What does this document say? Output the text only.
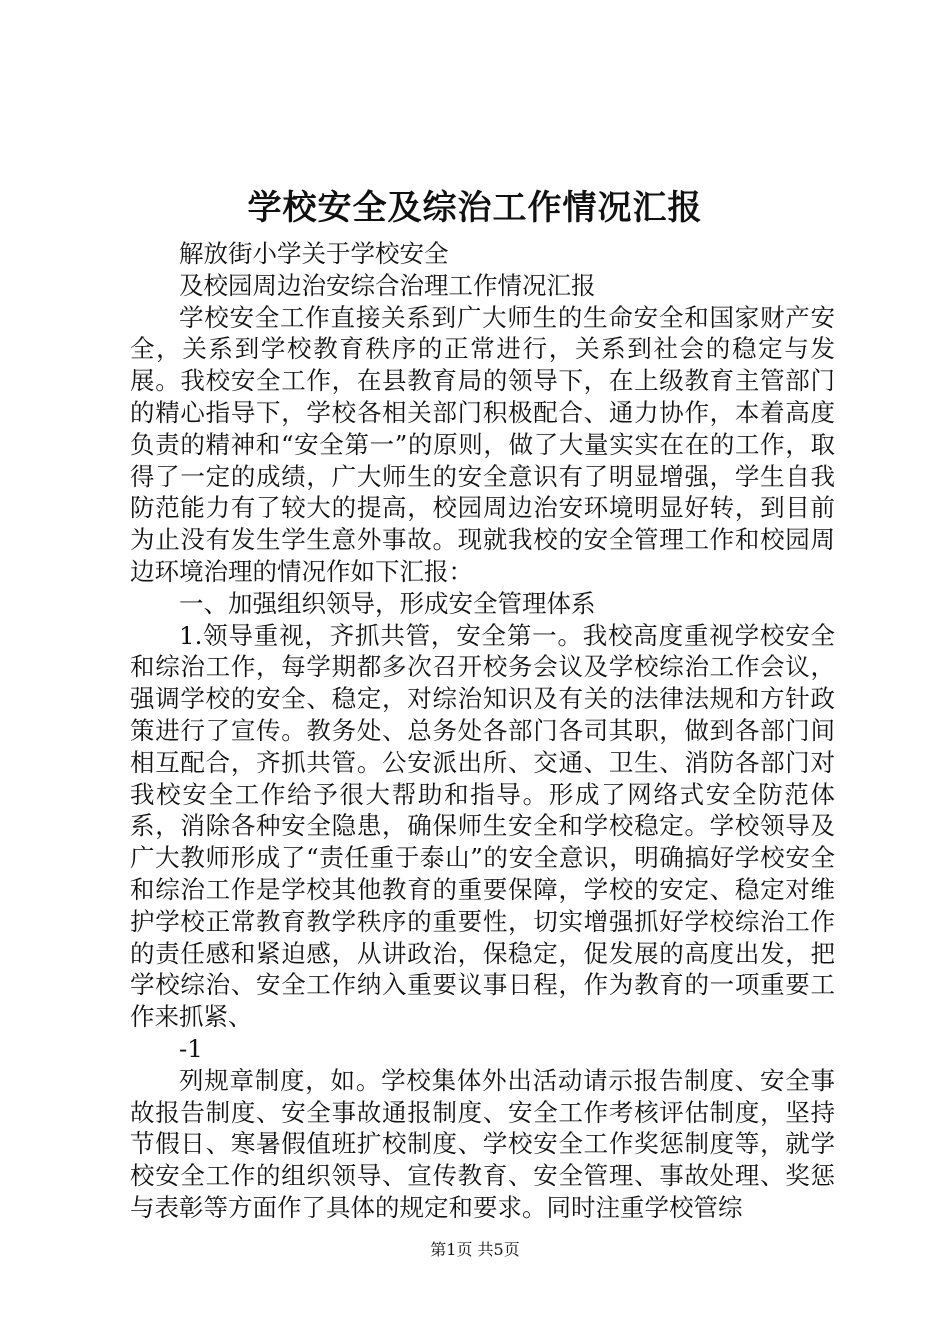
学校安全及综治工作情况汇报

解放街小学关于学校安全

及校园周边治安综合治理工作情况汇报

学校安全工作直接关系到广大师生的生命安全和国家财产安全，关系到学校教育秩序的正常进行，关系到社会的稳定与发展。我校安全工作，在县教育局的领导下，在上级教育主管部门的精心指导下，学校各相关部门积极配合、通力协作，本着高度负责的精神和“安全第一”的原则，做了大量实实在在的工作，取得了一定的成绩，广大师生的安全意识有了明显增强，学生自我防范能力有了较大的提高，校园周边治安环境明显好转，到目前为止没有发生学生意外事故。现就我校的安全管理工作和校园周边环境治理的情况作如下汇报：

一、加强组织领导，形成安全管理体系

1.领导重视，齐抓共管，安全第一。我校高度重视学校安全和综治工作，每学期都多次召开校务会议及学校综治工作会议，强调学校的安全、稳定，对综治知识及有关的法律法规和方针政策进行了宣传。教务处、总务处各部门各司其职，做到各部门间相互配合，齐抓共管。公安派出所、交通、卫生、消防各部门对我校安全工作给予很大帮助和指导。形成了网络式安全防范体系，消除各种安全隐患，确保师生安全和学校稳定。学校领导及广大教师形成了“责任重于泰山”的安全意识，明确搞好学校安全和综治工作是学校其他教育的重要保障，学校的安定、稳定对维护学校正常教育教学秩序的重要性，切实增强抓好学校综治工作的责任感和紧迫感，从讲政治，保稳定，促发展的高度出发，把学校综治、安全工作纳入重要议事日程，作为教育的一项重要工作来抓紧、

-1

列规章制度，如。学校集体外出活动请示报告制度、安全事故报告制度、安全事故通报制度、安全工作考核评估制度，坚持节假日、寒暑假值班扩校制度、学校安全工作奖惩制度等，就学校安全工作的组织领导、宣传教育、安全管理、事故处理、奖惩与表彰等方面作了具体的规定和要求。同时注重学校管综

第1页 共5页
